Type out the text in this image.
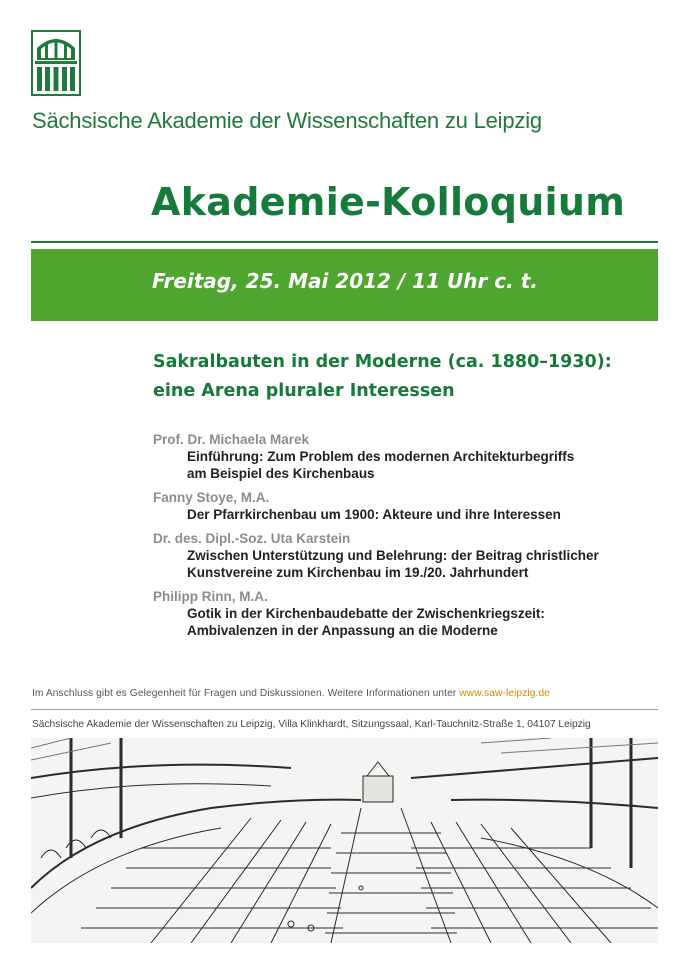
Sächsische Akademie der Wissenschaften zu Leipzig
Akademie-Kolloquium
Freitag, 25. Mai 2012 / 11 Uhr c. t.
Sakralbauten in der Moderne (ca. 1880–1930):
eine Arena pluraler Interessen
Prof. Dr. Michaela Marek
Einführung: Zum Problem des modernen Architekturbegriffs
am Beispiel des Kirchenbaus
Fanny Stoye, M.A.
Der Pfarrkirchenbau um 1900: Akteure und ihre Interessen
Dr. des. Dipl.-Soz. Uta Karstein
Zwischen Unterstützung und Belehrung: der Beitrag christlicher
Kunstvereine zum Kirchenbau im 19./20. Jahrhundert
Philipp Rinn, M.A.
Gotik in der Kirchenbaudebatte der Zwischenkriegszeit:
Ambivalenzen in der Anpassung an die Moderne
Im Anschluss gibt es Gelegenheit für Fragen und Diskussionen. Weitere Informationen unter www.saw-leipzig.de
Sächsische Akademie der Wissenschaften zu Leipzig, Villa Klinkhardt, Sitzungssaal, Karl-Tauchnitz-Straße 1, 04107 Leipzig
